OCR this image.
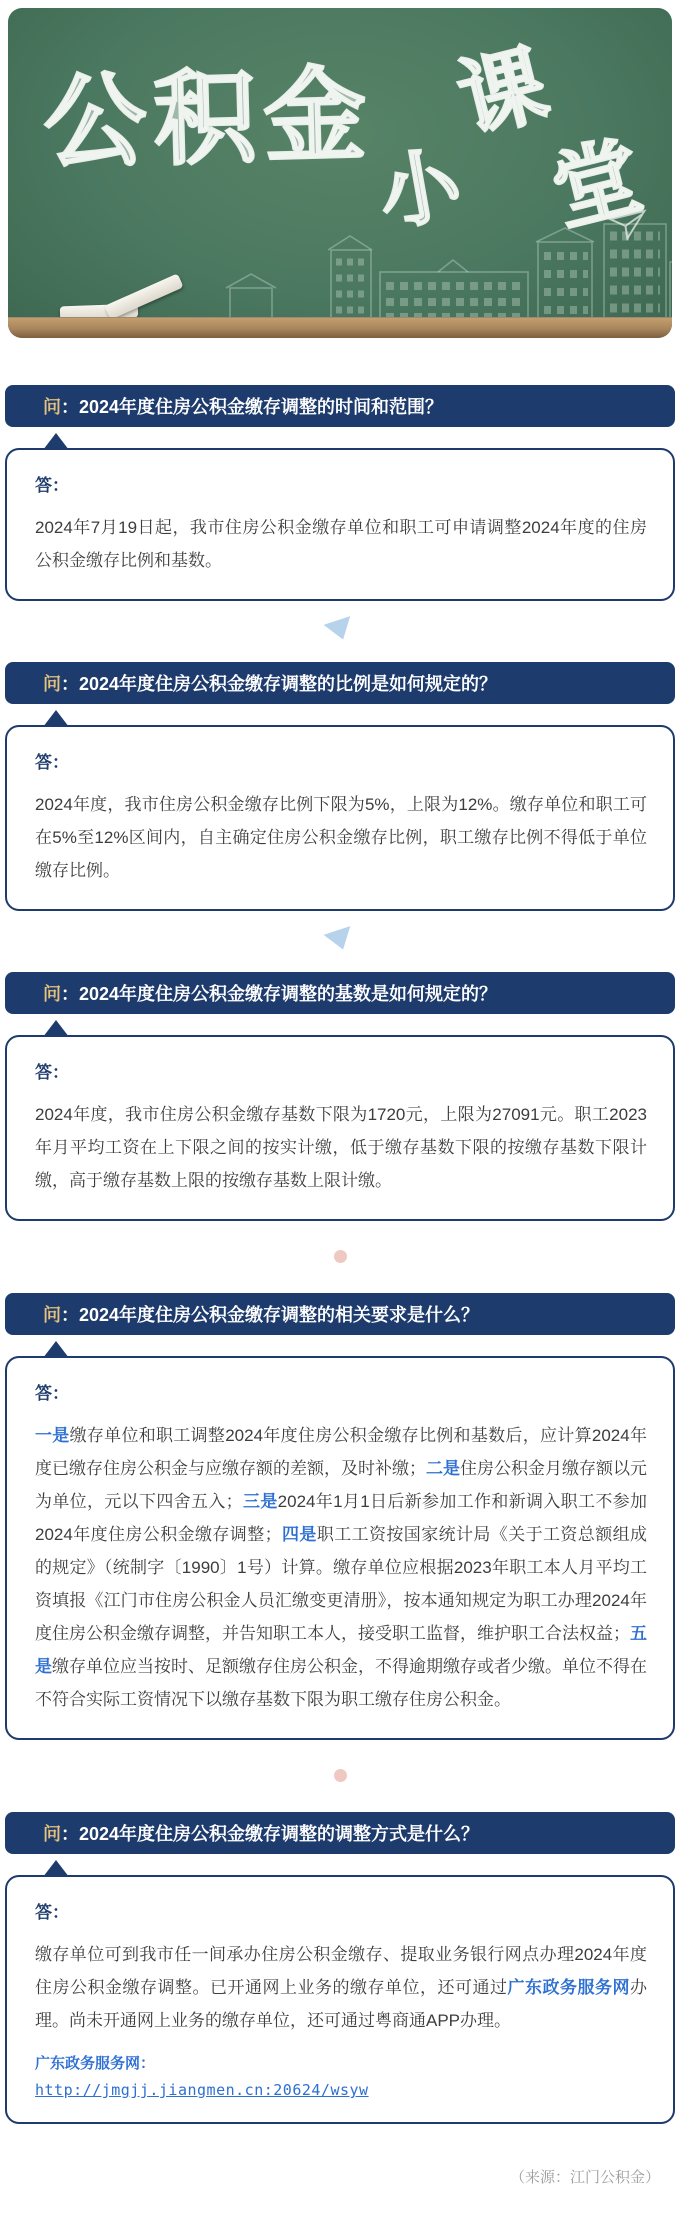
公积金
小
课
堂
问 ：2024年度住房公积金缴存调整的时间和范围？
答：

2024年7月19日起，我市住房公积金缴存单位和职工可申请调整2024年度的住房公积金缴存比例和基数。

问 ：2024年度住房公积金缴存调整的比例是如何规定的？
答：

2024年度，我市住房公积金缴存比例下限为5%，上限为12%。缴存单位和职工可在5%至12%区间内，自主确定住房公积金缴存比例，职工缴存比例不得低于单位缴存比例。

问 ：2024年度住房公积金缴存调整的基数是如何规定的？
答：

2024年度，我市住房公积金缴存基数下限为1720元，上限为27091元。职工2023年月平均工资在上下限之间的按实计缴，低于缴存基数下限的按缴存基数下限计缴，高于缴存基数上限的按缴存基数上限计缴。

问 ：2024年度住房公积金缴存调整的相关要求是什么？
答：

一是缴存单位和职工调整2024年度住房公积金缴存比例和基数后，应计算2024年度已缴存住房公积金与应缴存额的差额，及时补缴；二是住房公积金月缴存额以元为单位，元以下四舍五入；三是2024年1月1日后新参加工作和新调入职工不参加2024年度住房公积金缴存调整；四是职工工资按国家统计局《关于工资总额组成的规定》（统制字〔1990〕1号）计算。缴存单位应根据2023年职工本人月平均工资填报《江门市住房公积金人员汇缴变更清册》，按本通知规定为职工办理2024年度住房公积金缴存调整，并告知职工本人，接受职工监督，维护职工合法权益；五是缴存单位应当按时、足额缴存住房公积金，不得逾期缴存或者少缴。单位不得在不符合实际工资情况下以缴存基数下限为职工缴存住房公积金。

问 ：2024年度住房公积金缴存调整的调整方式是什么？
答：

缴存单位可到我市任一间承办住房公积金缴存、提取业务银行网点办理2024年度住房公积金缴存调整。已开通网上业务的缴存单位，还可通过广东政务服务网办理。尚未开通网上业务的缴存单位，还可通过粤商通APP办理。

广东政务服务网：
http://jmgjj.jiangmen.cn:20624/wsyw
（来源：江门公积金）
